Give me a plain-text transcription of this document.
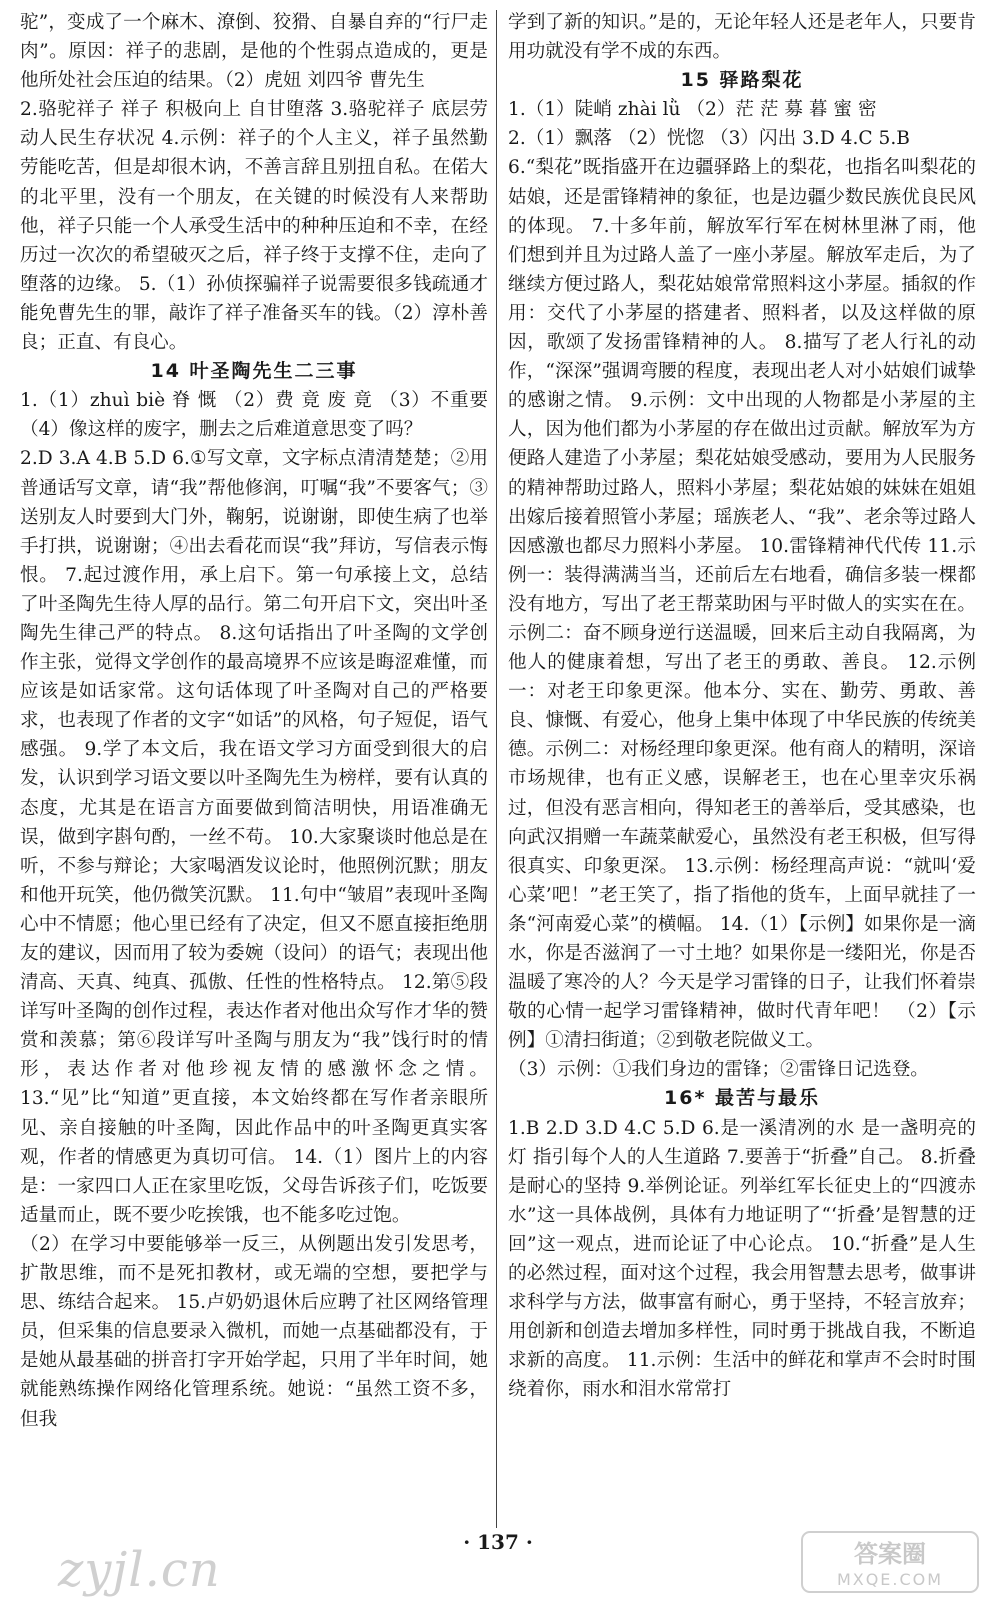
驼”，变成了一个麻木、潦倒、狡猾、自暴自弃的“行尸走肉”。原因：祥子的悲剧，是他的个性弱点造成的，更是他所处社会压迫的结果。（2）虎妞 刘四爷 曹先生

2.骆驼祥子 祥子 积极向上 自甘堕落 3.骆驼祥子 底层劳动人民生存状况 4.示例：祥子的个人主义，祥子虽然勤劳能吃苦，但是却很木讷，不善言辞且别扭自私。在偌大的北平里，没有一个朋友，在关键的时候没有人来帮助他，祥子只能一个人承受生活中的种种压迫和不幸，在经历过一次次的希望破灭之后，祥子终于支撑不住，走向了堕落的边缘。 5.（1）孙侦探骗祥子说需要很多钱疏通才能免曹先生的罪，敲诈了祥子准备买车的钱。（2）淳朴善良；正直、有良心。

14 叶圣陶先生二三事

1.（1）zhuì biè 脊 慨 （2）费 竟 废 竟 （3）不重要 （4）像这样的废字，删去之后难道意思变了吗？

2.D 3.A 4.B 5.D 6.①写文章，文字标点清清楚楚；②用普通话写文章，请“我”帮他修润，叮嘱“我”不要客气；③送别友人时要到大门外，鞠躬，说谢谢，即使生病了也举手打拱，说谢谢；④出去看花而误“我”拜访，写信表示悔恨。 7.起过渡作用，承上启下。第一句承接上文，总结了叶圣陶先生待人厚的品行。第二句开启下文，突出叶圣陶先生律己严的特点。 8.这句话指出了叶圣陶的文学创作主张，觉得文学创作的最高境界不应该是晦涩难懂，而应该是如话家常。这句话体现了叶圣陶对自己的严格要求，也表现了作者的文字“如话”的风格，句子短促，语气感强。 9.学了本文后，我在语文学习方面受到很大的启发，认识到学习语文要以叶圣陶先生为榜样，要有认真的态度，尤其是在语言方面要做到简洁明快，用语准确无误，做到字斟句酌，一丝不苟。 10.大家聚谈时他总是在听，不参与辩论；大家喝酒发议论时，他照例沉默；朋友和他开玩笑，他仍微笑沉默。 11.句中“皱眉”表现叶圣陶心中不情愿；他心里已经有了决定，但又不愿直接拒绝朋友的建议，因而用了较为委婉（设问）的语气；表现出他清高、天真、纯真、孤傲、任性的性格特点。 12.第⑤段详写叶圣陶的创作过程，表达作者对他出众写作才华的赞赏和羡慕；第⑥段详写叶圣陶与朋友为“我”饯行时的情形，表达作者对他珍视友情的感激怀念之情。 13.“见”比“知道”更直接，本文始终都在写作者亲眼所见、亲自接触的叶圣陶，因此作品中的叶圣陶更真实客观，作者的情感更为真切可信。 14.（1）图片上的内容是：一家四口人正在家里吃饭，父母告诉孩子们，吃饭要适量而止，既不要少吃挨饿，也不能多吃过饱。

（2）在学习中要能够举一反三，从例题出发引发思考，扩散思维，而不是死扣教材，或无端的空想，要把学与思、练结合起来。 15.卢奶奶退休后应聘了社区网络管理员，但采集的信息要录入微机，而她一点基础都没有，于是她从最基础的拼音打字开始学起，只用了半年时间，她就能熟练操作网络化管理系统。她说：“虽然工资不多，但我

学到了新的知识。”是的，无论年轻人还是老年人，只要肯用功就没有学不成的东西。

15 驿路梨花

1.（1）陡峭 zhài lǜ （2）茫 茫 募 暮 蜜 密

2.（1）飘落 （2）恍惚 （3）闪出 3.D 4.C 5.B

6.“梨花”既指盛开在边疆驿路上的梨花，也指名叫梨花的姑娘，还是雷锋精神的象征，也是边疆少数民族优良民风的体现。 7.十多年前，解放军行军在树林里淋了雨，他们想到并且为过路人盖了一座小茅屋。解放军走后，为了继续方便过路人，梨花姑娘常常照料这小茅屋。插叙的作用：交代了小茅屋的搭建者、照料者，以及这样做的原因，歌颂了发扬雷锋精神的人。 8.描写了老人行礼的动作，“深深”强调弯腰的程度，表现出老人对小姑娘们诚挚的感谢之情。 9.示例：文中出现的人物都是小茅屋的主人，因为他们都为小茅屋的存在做出过贡献。解放军为方便路人建造了小茅屋；梨花姑娘受感动，要用为人民服务的精神帮助过路人，照料小茅屋；梨花姑娘的妹妹在姐姐出嫁后接着照管小茅屋；瑶族老人、“我”、老余等过路人因感激也都尽力照料小茅屋。 10.雷锋精神代代传 11.示例一：装得满满当当，还前后左右地看，确信多装一棵都没有地方，写出了老王帮菜助困与平时做人的实实在在。示例二：奋不顾身逆行送温暖，回来后主动自我隔离，为他人的健康着想，写出了老王的勇敢、善良。 12.示例一：对老王印象更深。他本分、实在、勤劳、勇敢、善良、慷慨、有爱心，他身上集中体现了中华民族的传统美德。示例二：对杨经理印象更深。他有商人的精明，深谙市场规律，也有正义感，误解老王，也在心里幸灾乐祸过，但没有恶言相向，得知老王的善举后，受其感染，也向武汉捐赠一车蔬菜献爱心，虽然没有老王积极，但写得很真实、印象更深。 13.示例：杨经理高声说：“就叫‘爱心菜’吧！”老王笑了，指了指他的货车，上面早就挂了一条“河南爱心菜”的横幅。 14.（1）【示例】如果你是一滴水，你是否滋润了一寸土地？如果你是一缕阳光，你是否温暖了寒冷的人？今天是学习雷锋的日子，让我们怀着崇敬的心情一起学习雷锋精神，做时代青年吧！ （2）【示例】①清扫街道；②到敬老院做义工。

（3）示例：①我们身边的雷锋；②雷锋日记选登。

16* 最苦与最乐

1.B 2.D 3.D 4.C 5.D 6.是一溪清冽的水 是一盏明亮的灯 指引每个人的人生道路 7.要善于“折叠”自己。 8.折叠是耐心的坚持 9.举例论证。列举红军长征史上的“四渡赤水”这一具体战例，具体有力地证明了“‘折叠’是智慧的迂回”这一观点，进而论证了中心论点。 10.“折叠”是人生的必然过程，面对这个过程，我会用智慧去思考，做事讲求科学与方法，做事富有耐心，勇于坚持，不轻言放弃；用创新和创造去增加多样性，同时勇于挑战自我，不断追求新的高度。 11.示例：生活中的鲜花和掌声不会时时围绕着你，雨水和泪水常常打

· 137 ·
zyjl.cn	答案圈
MXQE.COM
